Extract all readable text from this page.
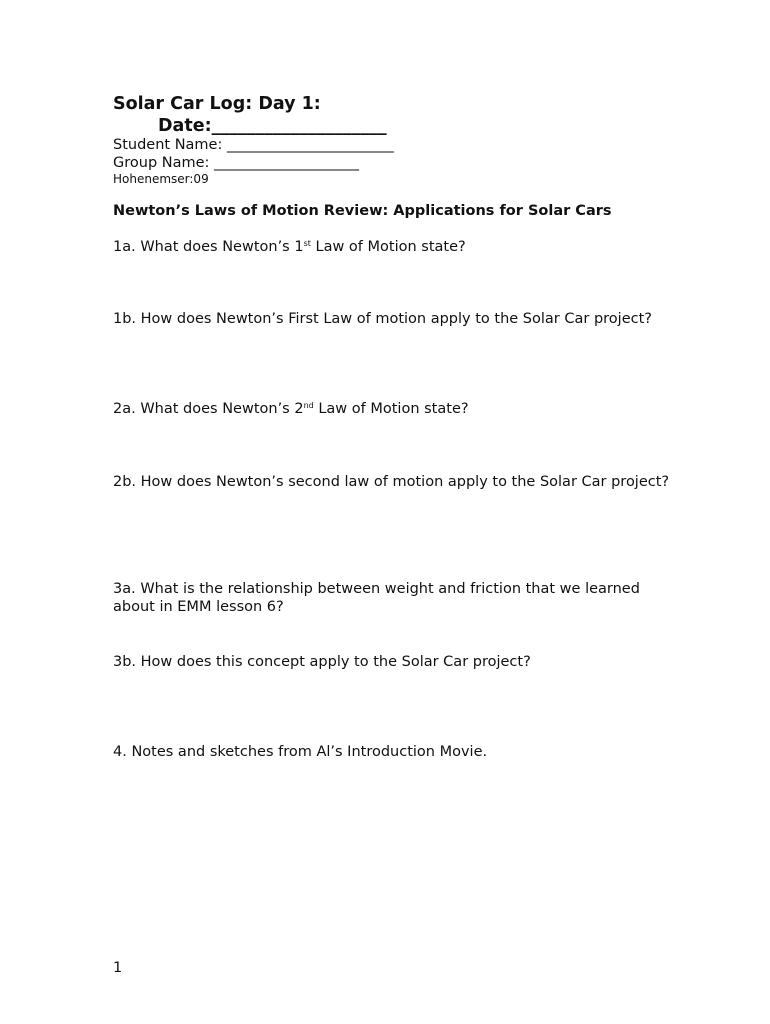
Solar Car Log: Day 1:
Date:____________________
Student Name: _______________________
Group Name: ____________________
Hohenemser:09
Newton’s Laws of Motion Review: Applications for Solar Cars
1a. What does Newton’s 1st Law of Motion state?
1b. How does Newton’s First Law of motion apply to the Solar Car project?
2a. What does Newton’s 2nd Law of Motion state?
2b. How does Newton’s second law of motion apply to the Solar Car project?
3a. What is the relationship between weight and friction that we learned about in EMM lesson 6?
3b. How does this concept apply to the Solar Car project?
4. Notes and sketches from Al’s Introduction Movie.
1
